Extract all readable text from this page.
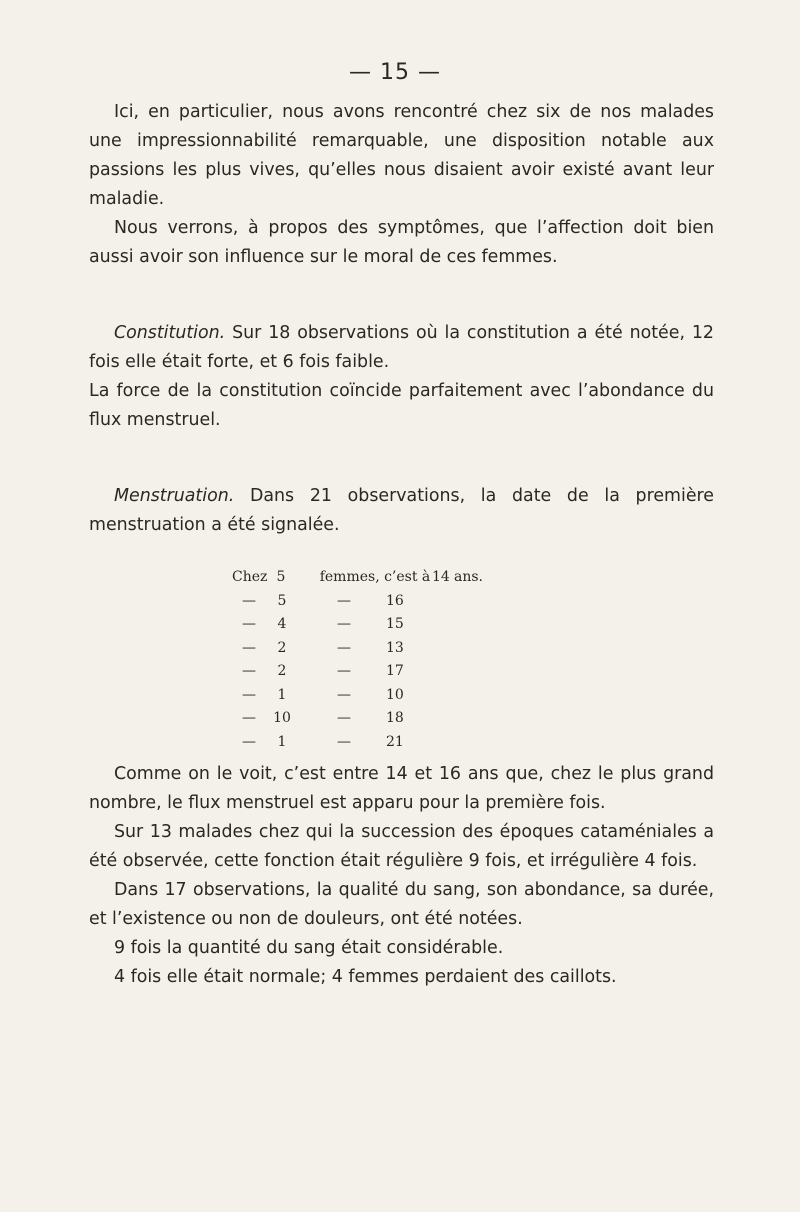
— 15 —

Ici, en particulier, nous avons rencontré chez six de nos malades une impressionnabilité remarquable, une disposition notable aux passions les plus vives, qu’elles nous disaient avoir existé avant leur maladie.

Nous verrons, à propos des symptômes, que l’affection doit bien aussi avoir son influence sur le moral de ces femmes.

Constitution. Sur 18 observations où la constitution a été notée, 12 fois elle était forte, et 6 fois faible.

La force de la constitution coïncide parfaitement avec l’abondance du flux menstruel.

Menstruation. Dans 21 observations, la date de la première menstruation a été signalée.

Chez 5	femmes, c’est à 14 ans.
—	5	—	16
—	4	—	15
—	2	—	13
—	2	—	17
—	1	—	10
—	10	—	18
—	1	—	21

Comme on le voit, c’est entre 14 et 16 ans que, chez le plus grand nombre, le flux menstruel est apparu pour la première fois.

Sur 13 malades chez qui la succession des époques cataméniales a été observée, cette fonction était régulière 9 fois, et irrégulière 4 fois.

Dans 17 observations, la qualité du sang, son abondance, sa durée, et l’existence ou non de douleurs, ont été notées.

9 fois la quantité du sang était considérable.

4 fois elle était normale; 4 femmes perdaient des caillots.
